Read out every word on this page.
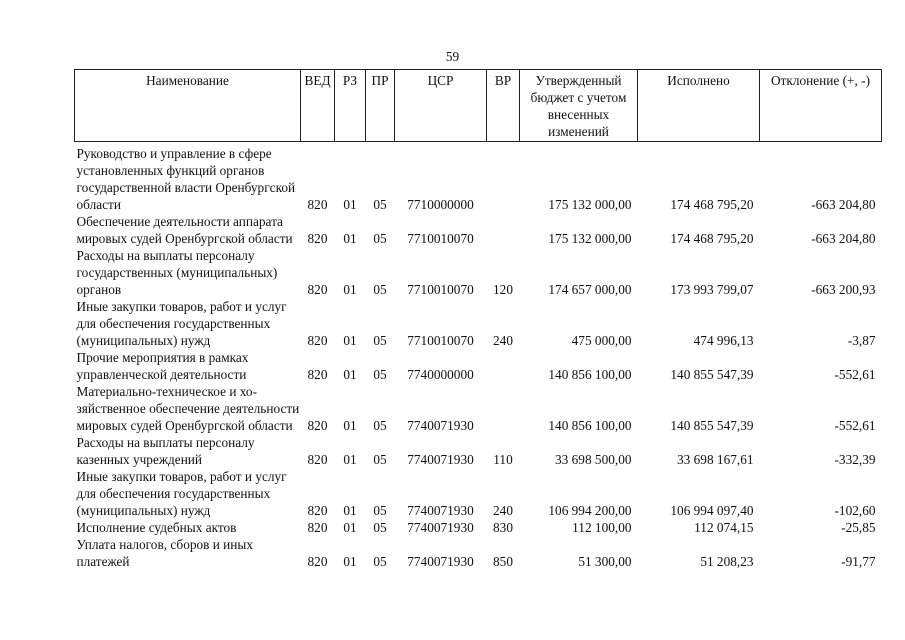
59
Наименование	ВЕД	РЗ	ПР	ЦСР	ВР	Утвержденный бюджет с учетом внесенных изменений	Исполнено	Отклонение (+, -)
Руководство и управление в сфере установленных функций органов государственной власти Оренбургской области	820	01	05	7710000000		175 132 000,00	174 468 795,20	-663 204,80
Обеспечение деятельности аппарата мировых судей Оренбургской области	820	01	05	7710010070		175 132 000,00	174 468 795,20	-663 204,80
Расходы на выплаты персоналу государственных (муниципальных) органов	820	01	05	7710010070	120	174 657 000,00	173 993 799,07	-663 200,93
Иные закупки товаров, работ и услуг для обеспечения государственных (муниципальных) нужд	820	01	05	7710010070	240	475 000,00	474 996,13	-3,87
Прочие мероприятия в рамках управленческой деятельности	820	01	05	7740000000		140 856 100,00	140 855 547,39	-552,61
Материально-техническое и хозяйственное обеспечение деятельности мировых судей Оренбургской области	820	01	05	7740071930		140 856 100,00	140 855 547,39	-552,61
Расходы на выплаты персоналу казенных учреждений	820	01	05	7740071930	110	33 698 500,00	33 698 167,61	-332,39
Иные закупки товаров, работ и услуг для обеспечения государственных (муниципальных) нужд	820	01	05	7740071930	240	106 994 200,00	106 994 097,40	-102,60
Исполнение судебных актов	820	01	05	7740071930	830	112 100,00	112 074,15	-25,85
Уплата налогов, сборов и иных платежей	820	01	05	7740071930	850	51 300,00	51 208,23	-91,77
